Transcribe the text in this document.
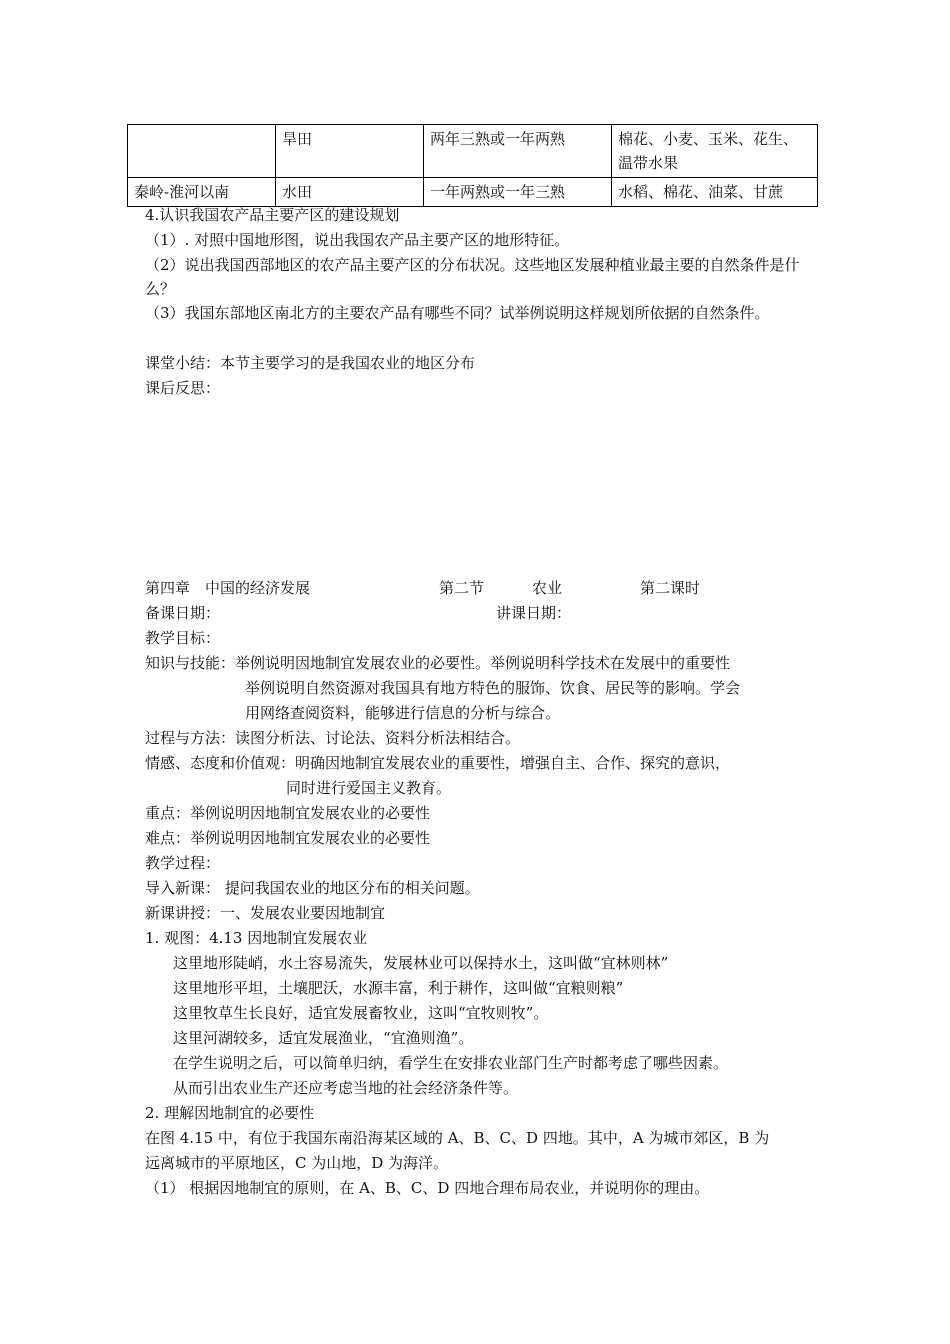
	旱田	两年三熟或一年两熟	棉花、小麦、玉米、花生、温带水果
秦岭-淮河以南	水田	一年两熟或一年三熟	水稻、棉花、油菜、甘蔗
4.认识我国农产品主要产区的建设规划
（1）. 对照中国地形图，说出我国农产品主要产区的地形特征。
（2）说出我国西部地区的农产品主要产区的分布状况。这些地区发展种植业最主要的自然条件是什么？
（3）我国东部地区南北方的主要农产品有哪些不同？试举例说明这样规划所依据的自然条件。
课堂小结：本节主要学习的是我国农业的地区分布
课后反思：
第四章　中国的经济发展	第二节	农业	第二课时
备课日期：	讲课日期：
教学目标：
知识与技能：举例说明因地制宜发展农业的必要性。举例说明科学技术在发展中的重要性
举例说明自然资源对我国具有地方特色的服饰、饮食、居民等的影响。学会
用网络查阅资料，能够进行信息的分析与综合。
过程与方法：读图分析法、讨论法、资料分析法相结合。
情感、态度和价值观：明确因地制宜发展农业的重要性，增强自主、合作、探究的意识，
同时进行爱国主义教育。
重点：举例说明因地制宜发展农业的必要性
难点：举例说明因地制宜发展农业的必要性
教学过程：
导入新课： 提问我国农业的地区分布的相关问题。
新课讲授：一、发展农业要因地制宜
1. 观图：4.13 因地制宜发展农业
这里地形陡峭，水土容易流失，发展林业可以保持水土，这叫做“宜林则林”
这里地形平坦，土壤肥沃，水源丰富，利于耕作，这叫做“宜粮则粮”
这里牧草生长良好，适宜发展畜牧业，这叫“宜牧则牧”。
这里河湖较多，适宜发展渔业，“宜渔则渔”。
在学生说明之后，可以简单归纳，看学生在安排农业部门生产时都考虑了哪些因素。
从而引出农业生产还应考虑当地的社会经济条件等。
2. 理解因地制宜的必要性
在图 4.15 中，有位于我国东南沿海某区域的 A、B、C、D 四地。其中，A 为城市郊区，B 为
远离城市的平原地区，C 为山地，D 为海洋。
（1） 根据因地制宜的原则，在 A、B、C、D 四地合理布局农业，并说明你的理由。
